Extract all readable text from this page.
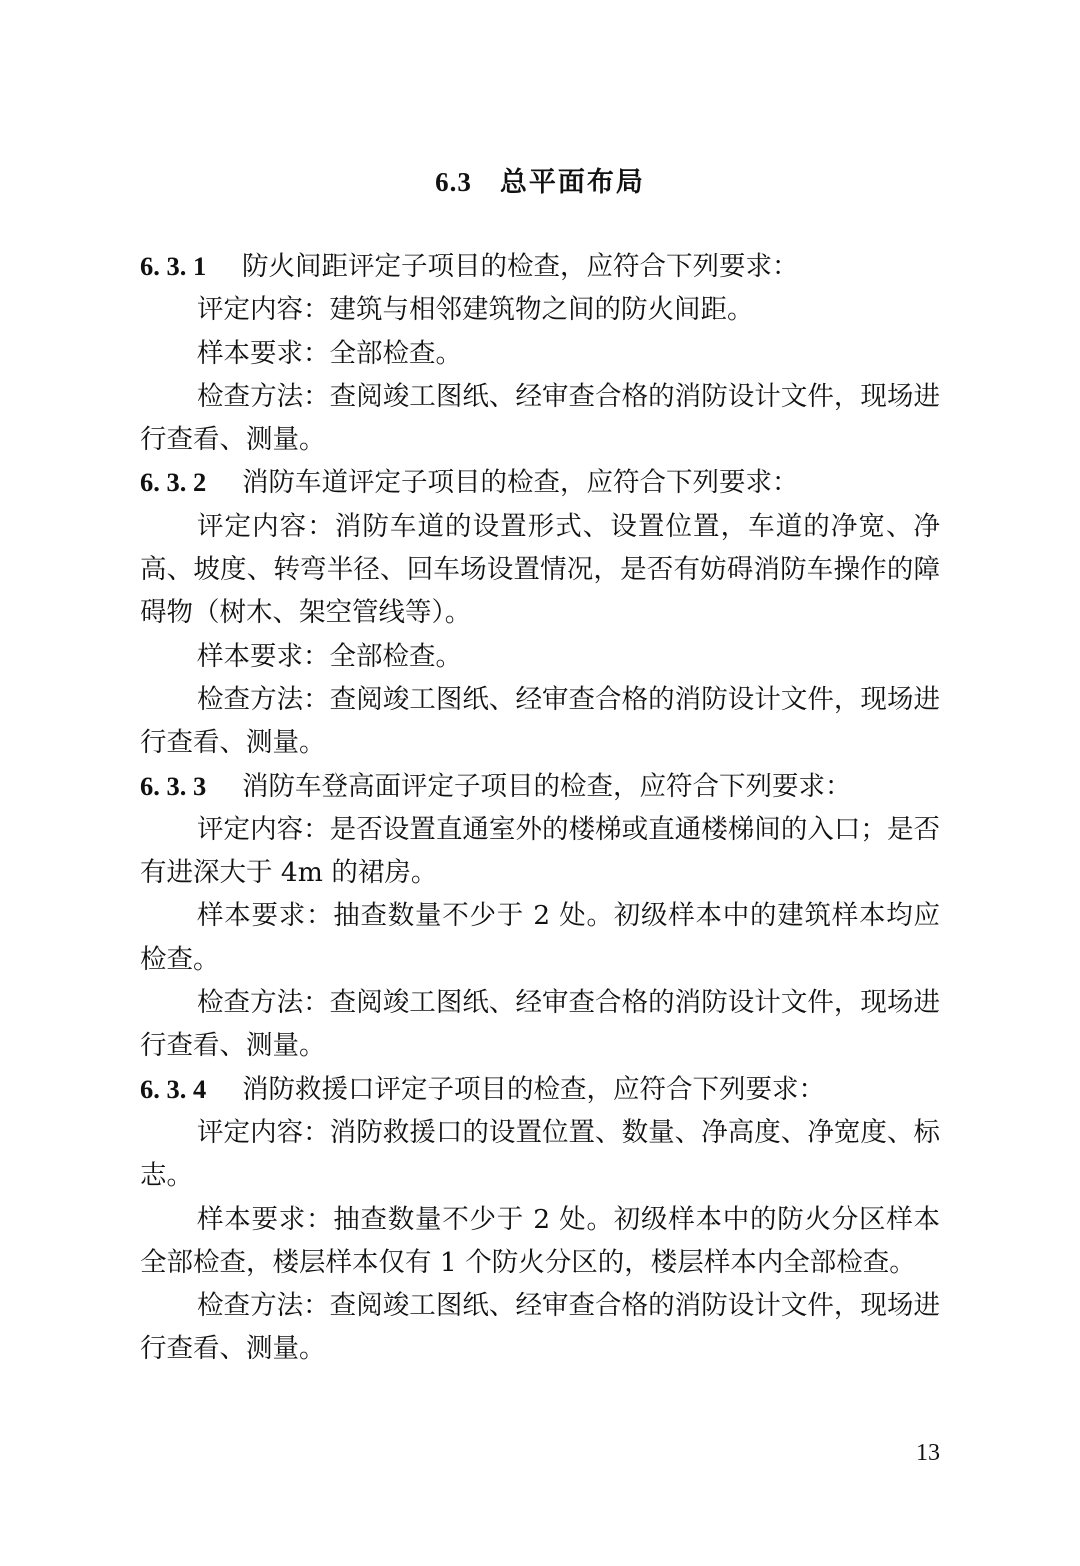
6.3 总平面布局

6. 3. 1 防火间距评定子项目的检查，应符合下列要求：

评定内容：建筑与相邻建筑物之间的防火间距。

样本要求：全部检查。

检查方法：查阅竣工图纸、经审查合格的消防设计文件，现场进行查看、测量。

6. 3. 2 消防车道评定子项目的检查，应符合下列要求：

评定内容：消防车道的设置形式、设置位置，车道的净宽、净高、坡度、转弯半径、回车场设置情况，是否有妨碍消防车操作的障碍物（树木、架空管线等）。

样本要求：全部检查。

检查方法：查阅竣工图纸、经审查合格的消防设计文件，现场进行查看、测量。

6. 3. 3 消防车登高面评定子项目的检查，应符合下列要求：

评定内容：是否设置直通室外的楼梯或直通楼梯间的入口；是否有进深大于 4m 的裙房。

样本要求：抽查数量不少于 2 处。初级样本中的建筑样本均应检查。

检查方法：查阅竣工图纸、经审查合格的消防设计文件，现场进行查看、测量。

6. 3. 4 消防救援口评定子项目的检查，应符合下列要求：

评定内容：消防救援口的设置位置、数量、净高度、净宽度、标志。

样本要求：抽查数量不少于 2 处。初级样本中的防火分区样本全部检查，楼层样本仅有 1 个防火分区的，楼层样本内全部检查。

检查方法：查阅竣工图纸、经审查合格的消防设计文件，现场进行查看、测量。

13
